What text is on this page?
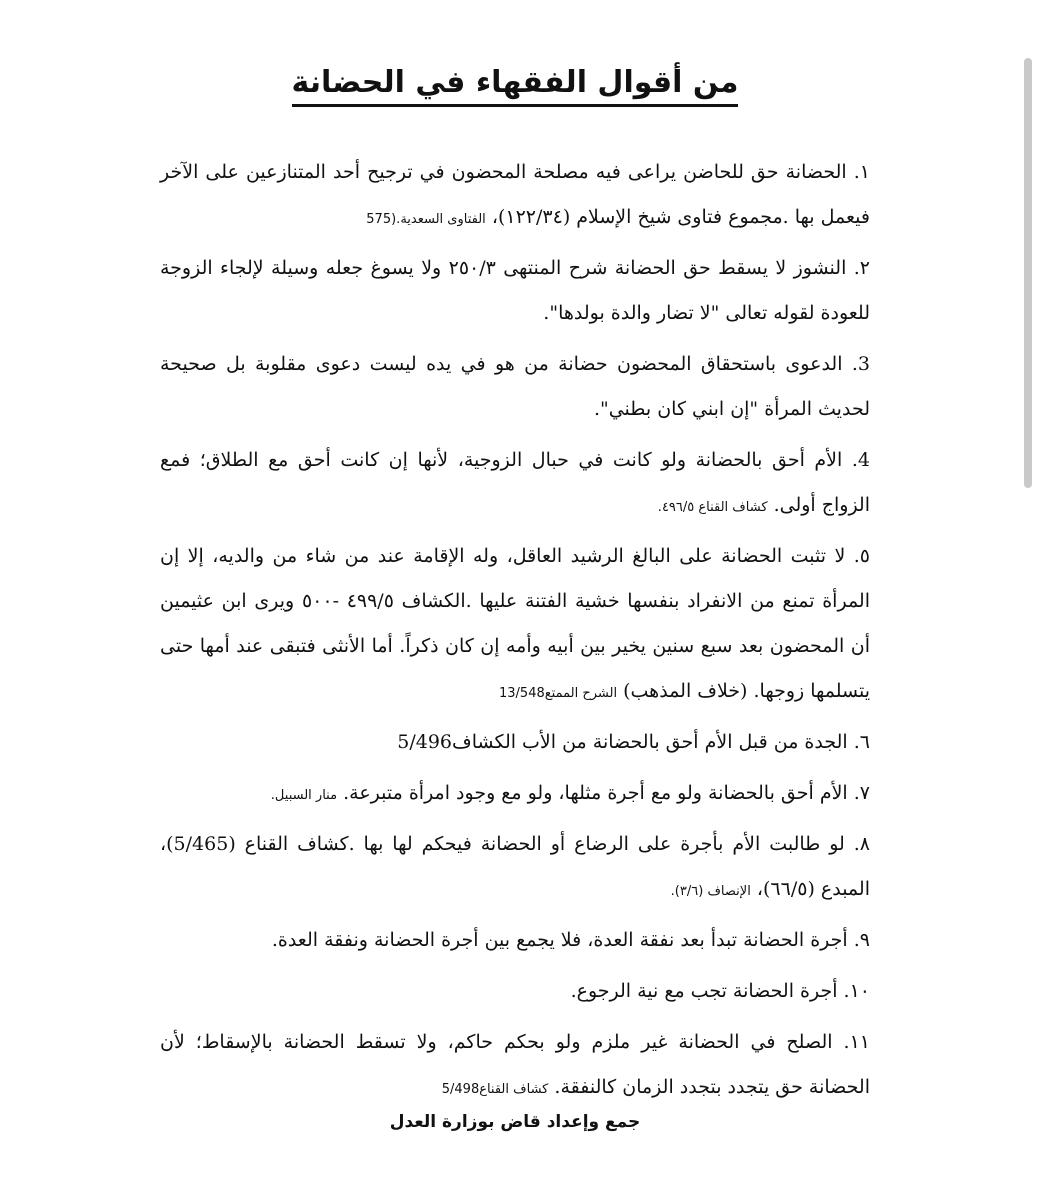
من أقوال الفقهاء في الحضانة
١. الحضانة حق للحاضن يراعى فيه مصلحة المحضون في ترجيح أحد المتنازعين على الآخر فيعمل بها .مجموع فتاوى شيخ الإسلام (١٢٢/٣٤)، الفتاوى السعدية.(575
٢. النشوز لا يسقط حق الحضانة شرح المنتهى ٢٥٠/٣ ولا يسوغ جعله وسيلة لإلجاء الزوجة للعودة لقوله تعالى "لا تضار والدة بولدها".
3. الدعوى باستحقاق المحضون حضانة من هو في يده ليست دعوى مقلوبة بل صحيحة لحديث المرأة "إن ابني كان بطني".
4. الأم أحق بالحضانة ولو كانت في حبال الزوجية، لأنها إن كانت أحق مع الطلاق؛ فمع الزواج أولى. كشاف القناع ٤٩٦/٥.
٥. لا تثبت الحضانة على البالغ الرشيد العاقل، وله الإقامة عند من شاء من والديه، إلا إن المرأة تمنع من الانفراد بنفسها خشية الفتنة عليها .الكشاف ٤٩٩/٥ -٥٠٠ ويرى ابن عثيمين أن المحضون بعد سبع سنين يخير بين أبيه وأمه إن كان ذكراً. أما الأنثى فتبقى عند أمها حتى يتسلمها زوجها. (خلاف المذهب) الشرح الممتع13/548
٦. الجدة من قبل الأم أحق بالحضانة من الأب الكشاف5/496
٧. الأم أحق بالحضانة ولو مع أجرة مثلها، ولو مع وجود امرأة متبرعة. منار السبيل.
٨. لو طالبت الأم بأجرة على الرضاع أو الحضانة فيحكم لها بها .كشاف القناع (5/465)، المبدع (٦٦/٥)، الإنصاف (٣/٦).
٩. أجرة الحضانة تبدأ بعد نفقة العدة، فلا يجمع بين أجرة الحضانة ونفقة العدة.
١٠. أجرة الحضانة تجب مع نية الرجوع.
١١. الصلح في الحضانة غير ملزم ولو بحكم حاكم، ولا تسقط الحضانة بالإسقاط؛ لأن الحضانة حق يتجدد بتجدد الزمان كالنفقة. كشاف القناع5/498
جمع وإعداد قاض بوزارة العدل
